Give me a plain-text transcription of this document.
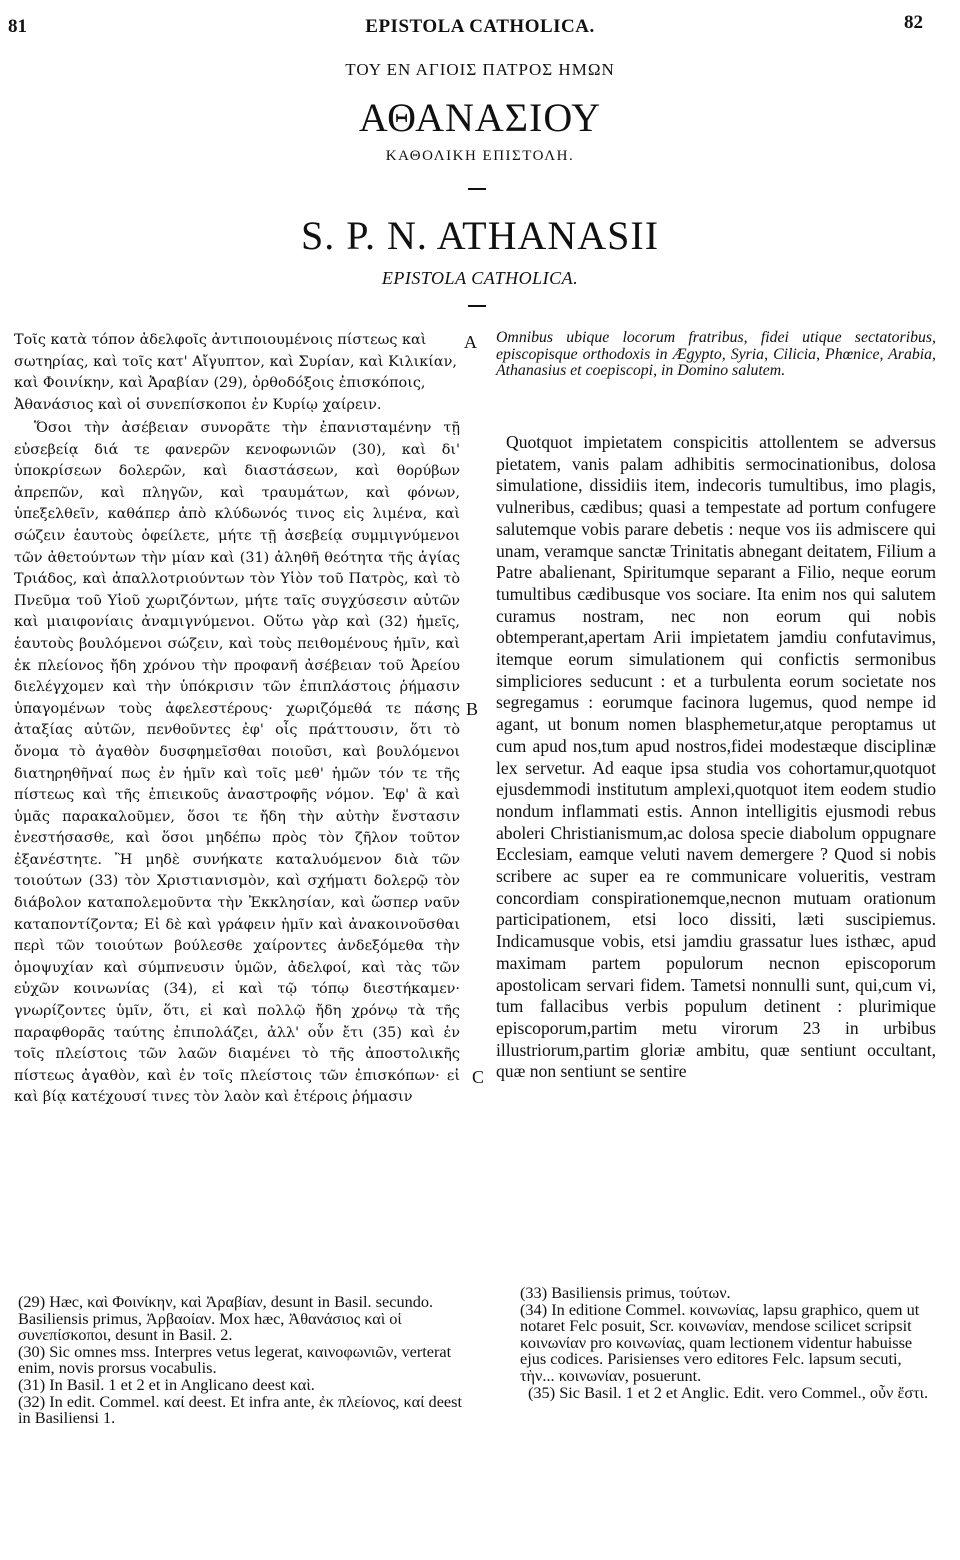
81	EPISTOLA CATHOLICA.	82
ΤΟΥ ΕΝ ΑΓΙΟΙΣ ΠΑΤΡΟΣ ΗΜΩΝ
ΑΘΑΝΑΣΙΟΥ
ΚΑΘΟΛΙΚΗ ΕΠΙΣΤΟΛΗ.
S. P. N. ATHANASII
EPISTOLA CATHOLICA.
Τοῖς κατὰ τόπον ἀδελφοῖς ἀντιποιουμένοις πίστεως καὶ σωτηρίας, καὶ τοῖς κατ' Αἴγυπτον, καὶ Συρίαν, καὶ Κιλικίαν, καὶ Φοινίκην, καὶ Ἀραβίαν (29), ὀρθοδόξοις ἐπισκόποις, Ἀθανάσιος καὶ οἱ συνεπίσκοποι ἐν Κυρίῳ χαίρειν.
Ὅσοι τὴν ἀσέβειαν συνορᾶτε τὴν ἐπανισταμένην τῇ εὐσεβείᾳ διά τε φανερῶν κενοφωνιῶν (30), καὶ δι' ὑποκρίσεων δολερῶν, καὶ διαστάσεων, καὶ θορύβων ἀπρεπῶν, καὶ πληγῶν, καὶ τραυμάτων, καὶ φόνων, ὑπεξελθεῖν, καθάπερ ἀπὸ κλύδωνός τινος εἰς λιμένα, καὶ σώζειν ἑαυτοὺς ὀφείλετε, μήτε τῇ ἀσεβείᾳ συμμιγνύμενοι τῶν ἀθετούντων τὴν μίαν καὶ (31) ἀληθῆ θεότητα τῆς ἁγίας Τριάδος, καὶ ἀπαλλοτριούντων τὸν Υἱὸν τοῦ Πατρὸς, καὶ τὸ Πνεῦμα τοῦ Υἱοῦ χωριζόντων, μήτε ταῖς συγχύσεσιν αὐτῶν καὶ μιαιφονίαις ἀναμιγνύμενοι. Οὕτω γὰρ καὶ (32) ἡμεῖς, ἑαυτοὺς βουλόμενοι σώζειν, καὶ τοὺς πειθομένους ἡμῖν, καὶ ἐκ πλείονος ἤδη χρόνου τὴν προφανῆ ἀσέβειαν τοῦ Ἀρείου διελέγχομεν καὶ τὴν ὑπόκρισιν τῶν ἐπιπλάστοις ῥήμασιν ὑπαγομένων τοὺς ἀφελεστέρους· χωριζόμεθά τε πάσης ἀταξίας αὐτῶν, πενθοῦντες ἐφ' οἷς πράττουσιν, ὅτι τὸ ὄνομα τὸ ἀγαθὸν δυσφημεῖσθαι ποιοῦσι, καὶ βουλόμενοι διατηρηθῆναί πως ἐν ἡμῖν καὶ τοῖς μεθ' ἡμῶν τόν τε τῆς πίστεως καὶ τῆς ἐπιεικοῦς ἀναστροφῆς νόμον. Ἐφ' ἃ καὶ ὑμᾶς παρακαλοῦμεν, ὅσοι τε ἤδη τὴν αὐτὴν ἔνστασιν ἐνεστήσασθε, καὶ ὅσοι μηδέπω πρὸς τὸν ζῆλον τοῦτον ἐξανέστητε. Ἢ μηδὲ συνήκατε καταλυόμενον διὰ τῶν τοιούτων (33) τὸν Χριστιανισμὸν, καὶ σχήματι δολερῷ τὸν διάβολον καταπολεμοῦντα τὴν Ἐκκλησίαν, καὶ ὥσπερ ναῦν καταποντίζοντα; Εἰ δὲ καὶ γράφειν ἡμῖν καὶ ἀνακοινοῦσθαι περὶ τῶν τοιούτων βούλεσθε χαίροντες ἀνδεξόμεθα τὴν ὁμοψυχίαν καὶ σύμπνευσιν ὑμῶν, ἀδελφοί, καὶ τὰς τῶν εὐχῶν κοινωνίας (34), εἰ καὶ τῷ τόπῳ διεστήκαμεν· γνωρίζοντες ὑμῖν, ὅτι, εἰ καὶ πολλῷ ἤδη χρόνῳ τὰ τῆς παραφθορᾶς ταύτης ἐπιπολάζει, ἀλλ' οὖν ἔτι (35) καὶ ἐν τοῖς πλείστοις τῶν λαῶν διαμένει τὸ τῆς ἀποστολικῆς πίστεως ἀγαθὸν, καὶ ἐν τοῖς πλείστοις τῶν ἐπισκόπων· εἰ καὶ βίᾳ κατέχουσί τινες τὸν λαὸν καὶ ἑτέροις ῥήμασιν
A
B
C
Omnibus ubique locorum fratribus, fidei utique sectatoribus, episcopisque orthodoxis in Ægypto, Syria, Cilicia, Phœnice, Arabia, Athanasius et coepiscopi, in Domino salutem.
Quotquot impietatem conspicitis attollentem se adversus pietatem, vanis palam adhibitis sermocinationibus, dolosa simulatione, dissidiis item, indecoris tumultibus, imo plagis, vulneribus, cædibus; quasi a tempestate ad portum confugere salutemque vobis parare debetis : neque vos iis admiscere qui unam, veramque sanctæ Trinitatis abnegant deitatem, Filium a Patre abalienant, Spiritumque separant a Filio, neque eorum tumultibus cædibusque vos sociare. Ita enim nos qui salutem curamus nostram, nec non eorum qui nobis obtemperant,apertam Arii impietatem jamdiu confutavimus, itemque eorum simulationem qui confictis sermonibus simpliciores seducunt : et a turbulenta eorum societate nos segregamus : eorumque facinora lugemus, quod nempe id agant, ut bonum nomen blasphemetur,atque peroptamus ut cum apud nos,tum apud nostros,fidei modestæque disciplinæ lex servetur. Ad eaque ipsa studia vos cohortamur,quotquot ejusdemmodi institutum amplexi,quotquot item eodem studio nondum inflammati estis. Annon intelligitis ejusmodi rebus aboleri Christianismum,ac dolosa specie diabolum oppugnare Ecclesiam, eamque veluti navem demergere ? Quod si nobis scribere ac super ea re communicare volueritis, vestram concordiam conspirationemque,necnon mutuam orationum participationem, etsi loco dissiti, læti suscipiemus. Indicamusque vobis, etsi jamdiu grassatur lues isthæc, apud maximam partem populorum necnon episcoporum apostolicam servari fidem. Tametsi nonnulli sunt, qui,cum vi, tum fallacibus verbis populum detinent : plurimique episcoporum,partim metu virorum 23 in urbibus illustriorum,partim gloriæ ambitu, quæ sentiunt occultant, quæ non sentiunt se sentire

(29) Hæc, καὶ Φοινίκην, καὶ Ἀραβίαν, desunt in Basil. secundo. Basiliensis primus, Ἀρβαοίαν. Mox hæc, Ἀθανάσιος καὶ οἱ συνεπίσκοποι, desunt in Basil. 2.

(30) Sic omnes mss. Interpres vetus legerat, καινοφωνιῶν, verterat enim, novis prorsus vocabulis.

(31) In Basil. 1 et 2 et in Anglicano deest καὶ.

(32) In edit. Commel. καί deest. Et infra ante, ἐκ πλείονος, καί deest in Basiliensi 1.

(33) Basiliensis primus, τούτων.

(34) In editione Commel. κοινωνίας, lapsu graphico, quem ut notaret Felc posuit, Scr. κοινωνίαν, mendose scilicet scripsit κοινωνίαν pro κοινωνίας, quam lectionem videntur habuisse ejus codices. Parisienses vero editores Felc. lapsum secuti, τὴν... κοινωνίαν, posuerunt.

(35) Sic Basil. 1 et 2 et Anglic. Edit. vero Commel., οὖν ἔστι.
